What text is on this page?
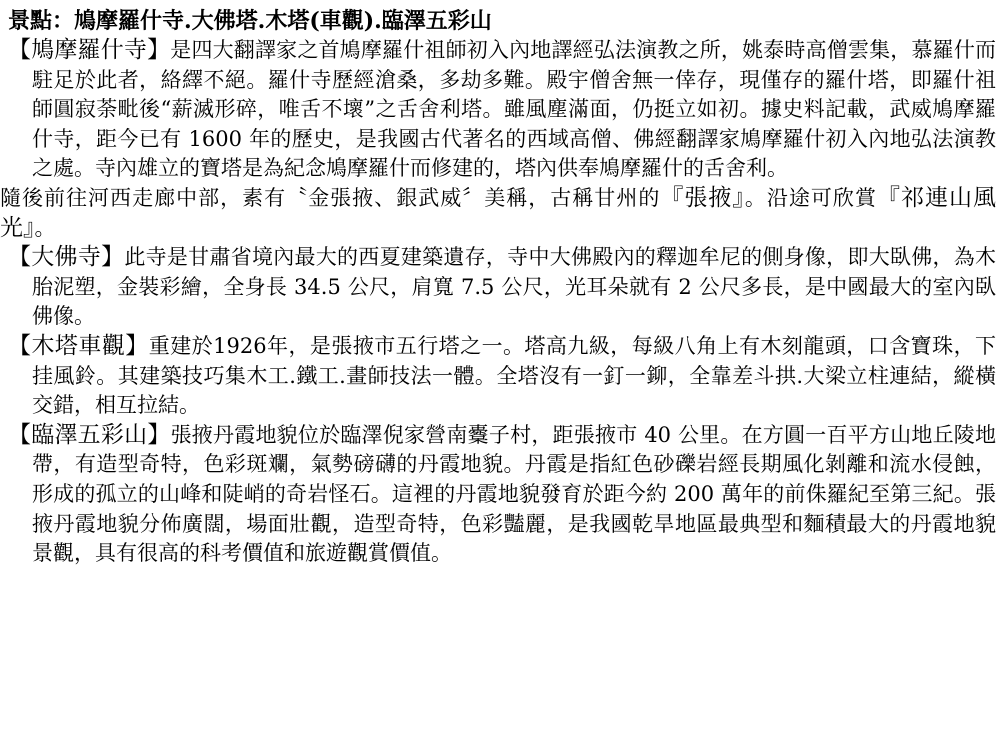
景點：鳩摩羅什寺.大佛塔.木塔(車觀).臨澤五彩山

【鳩摩羅什寺】是四大翻譯家之首鳩摩羅什祖師初入內地譯經弘法演教之所，姚泰時高僧雲集，慕羅什而駐足於此者，絡繹不絕。羅什寺歷經滄桑，多劫多難。殿宇僧舍無一倖存，現僅存的羅什塔，即羅什祖師圓寂荼毗後“薪滅形碎，唯舌不壞”之舌舍利塔。雖風塵滿面，仍挺立如初。據史料記載，武威鳩摩羅什寺，距今已有 1600 年的歷史，是我國古代著名的西域高僧、佛經翻譯家鳩摩羅什初入內地弘法演教之處。寺內雄立的寶塔是為紀念鳩摩羅什而修建的，塔內供奉鳩摩羅什的舌舍利。

隨後前往河西走廊中部，素有〝金張掖、銀武威〞美稱，古稱甘州的『張掖』。沿途可欣賞『祁連山風光』。

【大佛寺】此寺是甘肅省境內最大的西夏建築遺存，寺中大佛殿內的釋迦牟尼的側身像，即大臥佛，為木胎泥塑，金裝彩繪，全身長 34.5 公尺，肩寬 7.5 公尺，光耳朵就有 2 公尺多長，是中國最大的室內臥佛像。

【木塔車觀】重建於1926年，是張掖市五行塔之一。塔高九級，每級八角上有木刻龍頭，口含寶珠，下挂風鈴。其建築技巧集木工.鐵工.畫師技法一體。全塔沒有一釘一鉚，全靠差斗拱.大梁立柱連結，縱橫交錯，相互拉結。

【臨澤五彩山】張掖丹霞地貌位於臨澤倪家營南櫜子村，距張掖市 40 公里。在方圓一百平方山地丘陵地帶，有造型奇特，色彩斑斕，氣勢磅礴的丹霞地貌。丹霞是指紅色砂礫岩經長期風化剝離和流水侵蝕，形成的孤立的山峰和陡峭的奇岩怪石。這裡的丹霞地貌發育於距今約 200 萬年的前侏羅紀至第三紀。張掖丹霞地貌分佈廣闊，場面壯觀，造型奇特，色彩豔麗，是我國乾旱地區最典型和麵積最大的丹霞地貌景觀，具有很高的科考價值和旅遊觀賞價值。
